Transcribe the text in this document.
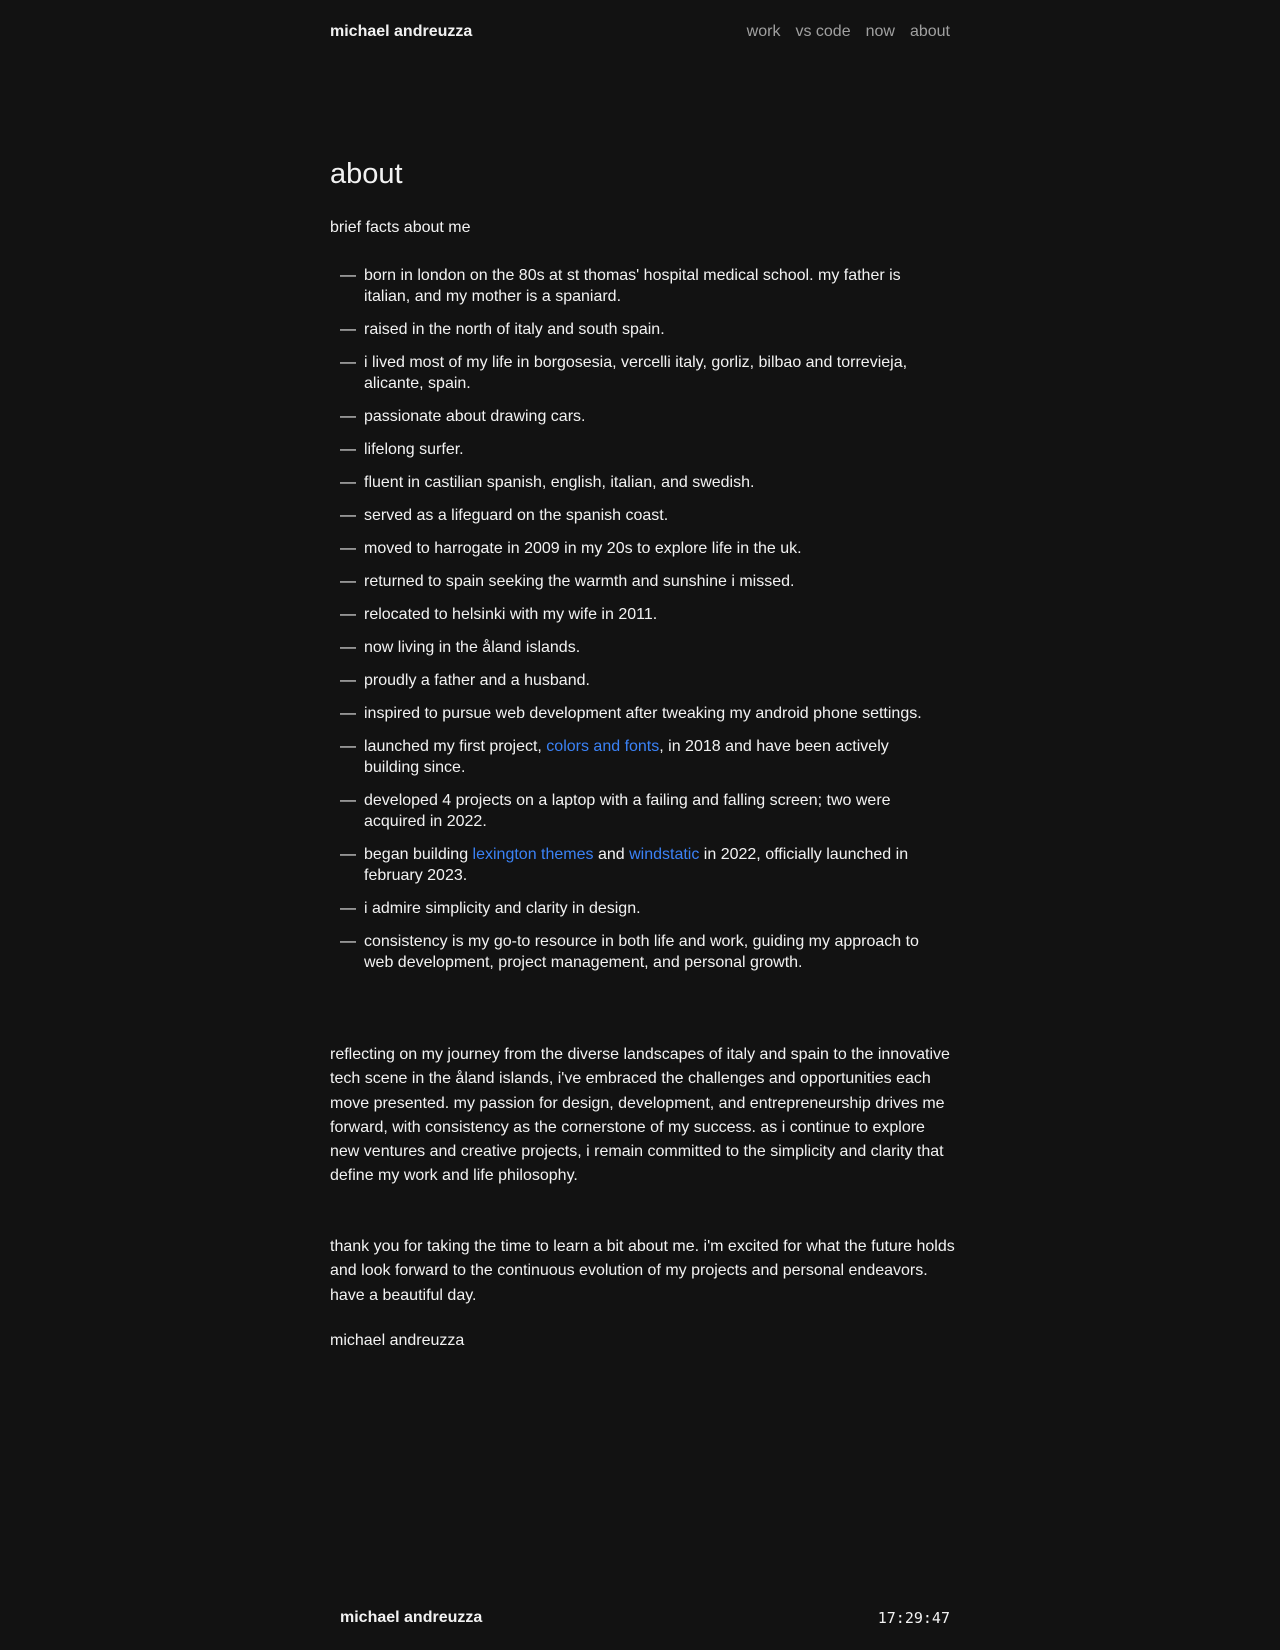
michael andreuzza	work vs code now about
about

brief facts about me

— born in london on the 80s at st thomas' hospital medical school. my father is italian, and my mother is a spaniard.
— raised in the north of italy and south spain.
— i lived most of my life in borgosesia, vercelli italy, gorliz, bilbao and torrevieja, alicante, spain.
— passionate about drawing cars.
— lifelong surfer.
— fluent in castilian spanish, english, italian, and swedish.
— served as a lifeguard on the spanish coast.
— moved to harrogate in 2009 in my 20s to explore life in the uk.
— returned to spain seeking the warmth and sunshine i missed.
— relocated to helsinki with my wife in 2011.
— now living in the åland islands.
— proudly a father and a husband.
— inspired to pursue web development after tweaking my android phone settings.
— launched my first project, colors and fonts, in 2018 and have been actively building since.
— developed 4 projects on a laptop with a failing and falling screen; two were acquired in 2022.
— began building lexington themes and windstatic in 2022, officially launched in february 2023.
— i admire simplicity and clarity in design.
— consistency is my go-to resource in both life and work, guiding my approach to web development, project management, and personal growth.

reflecting on my journey from the diverse landscapes of italy and spain to the innovative tech scene in the åland islands, i've embraced the challenges and opportunities each move presented. my passion for design, development, and entrepreneurship drives me forward, with consistency as the cornerstone of my success. as i continue to explore new ventures and creative projects, i remain committed to the simplicity and clarity that define my work and life philosophy.

thank you for taking the time to learn a bit about me. i'm excited for what the future holds and look forward to the continuous evolution of my projects and personal endeavors. have a beautiful day.

michael andreuzza

michael andreuzza	17:29:47
